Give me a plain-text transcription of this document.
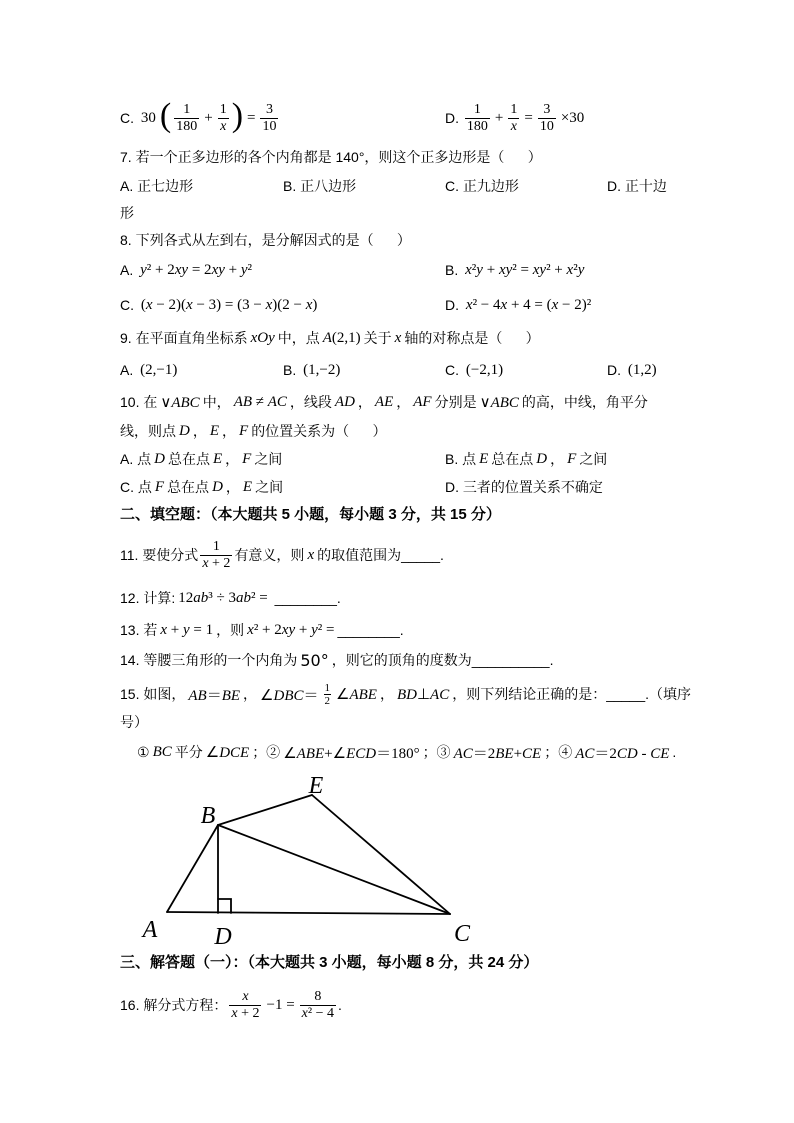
C. 30 ( $\frac{1}{180} + \frac{1}{x}$ ) = $\frac{3}{10}$	D. $\frac{1}{180} + \frac{1}{x} = \frac{3}{10} \times 30$
7. 若一个正多边形的各个内角都是 140°，则这个正多边形是（      ）
A. 正七边形	B. 正八边形	C. 正九边形	D. 正十边
形
8. 下列各式从左到右，是分解因式的是（      ）
A. y² + 2xy = 2xy + y²	B. x²y + xy² = xy² + x²y
C. (x − 2)(x − 3) = (3 − x)(2 − x)	D. x² − 4x + 4 = (x − 2)²
9. 在平面直角坐标系 xOy 中，点 A(2,1) 关于 x 轴的对称点是（      ）
A. (2,−1)	B. (1,−2)	C. (−2,1)	D. (1,2)
10. 在 ∨ABC 中， AB ≠ AC ，线段 AD ， AE ， AF 分别是 ∨ABC 的高，中线，角平分
线，则点 D ， E ， F 的位置关系为（      ）
A. 点 D 总在点 E ， F 之间	B. 点 E 总在点 D ， F 之间
C. 点 F 总在点 D ， E 之间	D. 三者的位置关系不确定
二、填空题：（本大题共 5 小题，每小题 3 分，共 15 分）
11. 要使分式 $\frac{1}{x + 2}$ 有意义，则 x 的取值范围为_____.
12. 计算: 12ab³ ÷ 3ab² = ________.
13. 若 x + y = 1 ，则 x² + 2xy + y² = ________.
14. 等腰三角形的一个内角为 50° ，则它的顶角的度数为__________.
15. 如图， AB＝BE ， ∠DBC＝ $\frac{1}{2}$ ∠ABE ， BD⊥AC ，则下列结论正确的是：_____.（填序
号）
① BC 平分 ∠DCE ；② ∠ABE+∠ECD＝180° ；③ AC＝2BE+CE ；④ AC＝2CD - CE .
A
B
E
D	C
三、解答题（一）：（本大题共 3 小题，每小题 8 分，共 24 分）
16. 解分式方程： $\frac{x}{x + 2} -1 = \frac{8}{\text{x² − 4}}$ .
